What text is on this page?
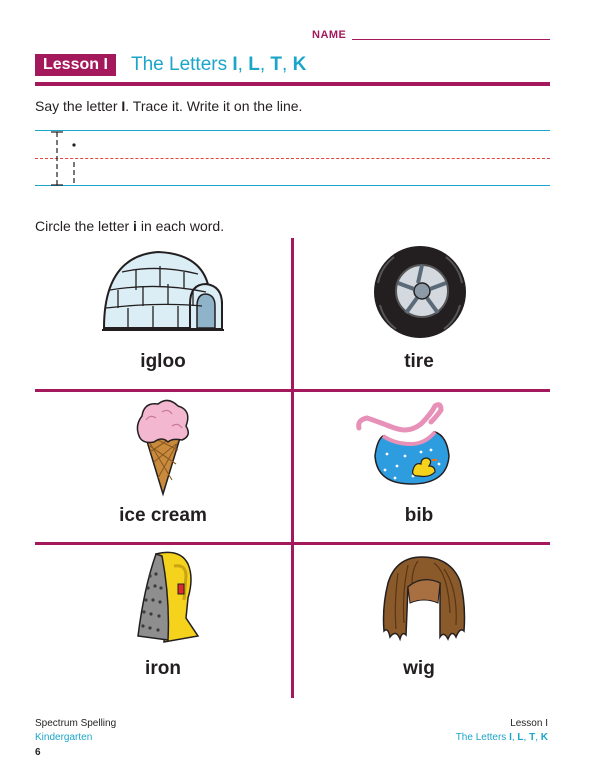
NAME
Lesson I	The Letters I, L, T, K
Say the letter I. Trace it. Write it on the line.
Circle the letter i in each word.
igloo	tire
ice cream	bib
iron	wig
Spectrum Spelling
Kindergarten
6
Lesson I
The Letters I, L, T, K
